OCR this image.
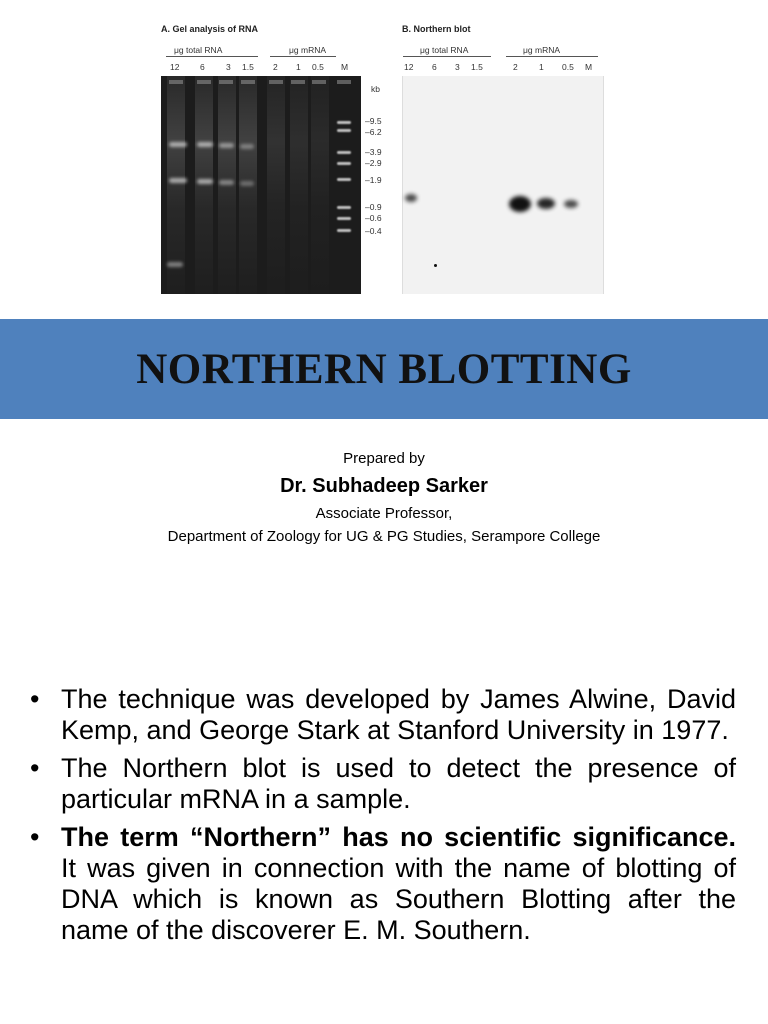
A. Gel analysis of RNA	B. Northern blot
μg total RNA	μg mRNA
12 6	3 1.5 2 1 0.5 M
kb
–9.5
–6.2
–3.9
–2.9
–1.9
–0.9
–0.6
–0.4
μg total RNA	μg mRNA
12 6 3 1.5	2	1 0.5 M
NORTHERN BLOTTING
Prepared by
Dr. Subhadeep Sarker
Associate Professor,
Department of Zoology for UG & PG Studies, Serampore College
• The technique was developed by James Alwine, David Kemp, and George Stark at Stanford University in 1977.
• The Northern blot is used to detect the presence of particular mRNA in a sample.
• The term “Northern” has no scientific significance. It was given in connection with the name of blotting of DNA which is known as Southern Blotting after the name of the discoverer E. M. Southern.
